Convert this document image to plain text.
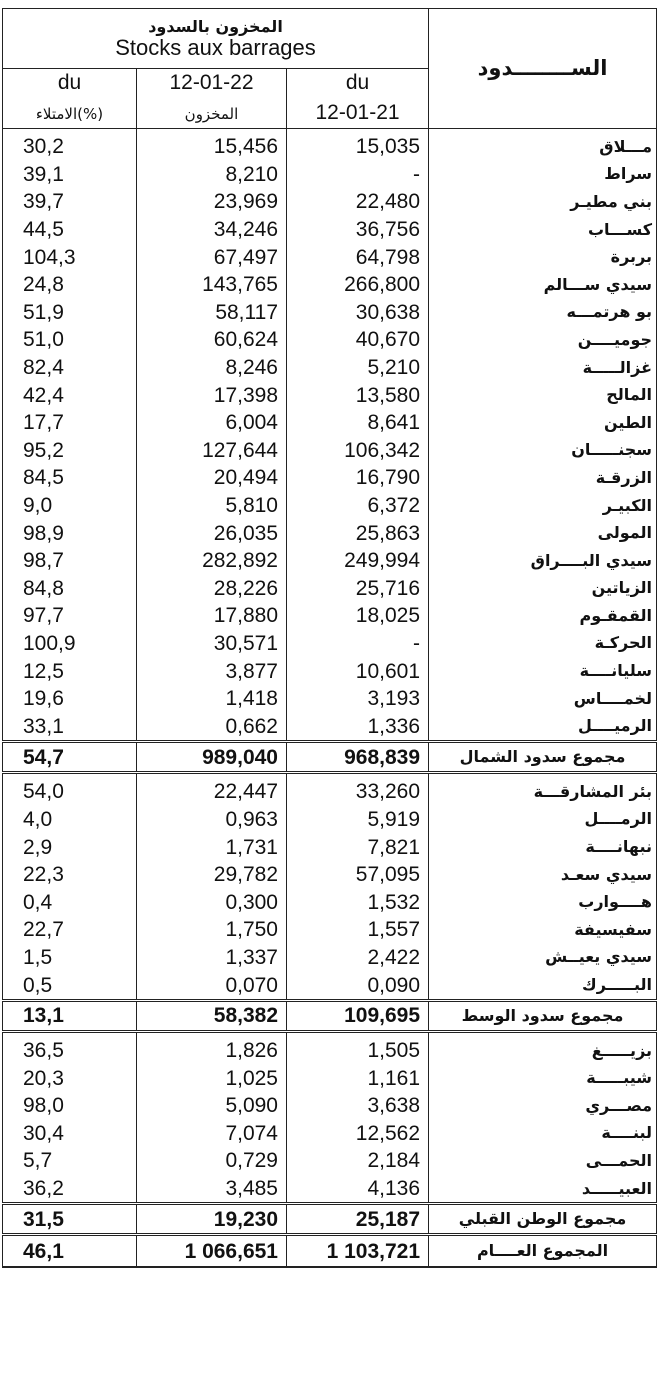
المخزون بالسدود
Stocks aux barrages			الســــــــدود
du	12-01-22	du	
الامتلاء(%)	المخزون	12-01-21	
30,2	15,456	15,035	مـــلاق
39,1	8,210	-	سراط
39,7	23,969	22,480	بني مطيـر
44,5	34,246	36,756	كســـاب
104,3	67,497	64,798	بربرة
24,8	143,765	266,800	سيدي ســـالم
51,9	58,117	30,638	بو هرتمـــه
51,0	60,624	40,670	جوميــــن
82,4	8,246	5,210	غزالـــــة
42,4	17,398	13,580	المالح
17,7	6,004	8,641	الطين
95,2	127,644	106,342	سجنـــــان
84,5	20,494	16,790	الزرقـة
9,0	5,810	6,372	الكبيـر
98,9	26,035	25,863	المولى
98,7	282,892	249,994	سيدي البــــراق
84,8	28,226	25,716	الزياتين
97,7	17,880	18,025	القمقـوم
100,9	30,571	-	الحركـة
12,5	3,877	10,601	سليانــــة
19,6	1,418	3,193	لخمــــاس
33,1	0,662	1,336	الرميــــل
54,7	989,040	968,839	مجموع سدود الشمال
54,0	22,447	33,260	بئر المشارقـــة
4,0	0,963	5,919	الرمــــل
2,9	1,731	7,821	نبهانــــة
22,3	29,782	57,095	سيدي سعـد
0,4	0,300	1,532	هــــوارب
22,7	1,750	1,557	سفيسيفة
1,5	1,337	2,422	سيدي يعيــش
0,5	0,070	0,090	البـــــرك
13,1	58,382	109,695	مجموع سدود الوسط
36,5	1,826	1,505	بزيـــــغ
20,3	1,025	1,161	شيبـــــة
98,0	5,090	3,638	مصـــري
30,4	7,074	12,562	لبنــــة
5,7	0,729	2,184	الحمـــى
36,2	3,485	4,136	العبيـــــد
31,5	19,230	25,187	مجموع الوطن القبلي
46,1	1 066,651	1 103,721	المجموع العــــام
